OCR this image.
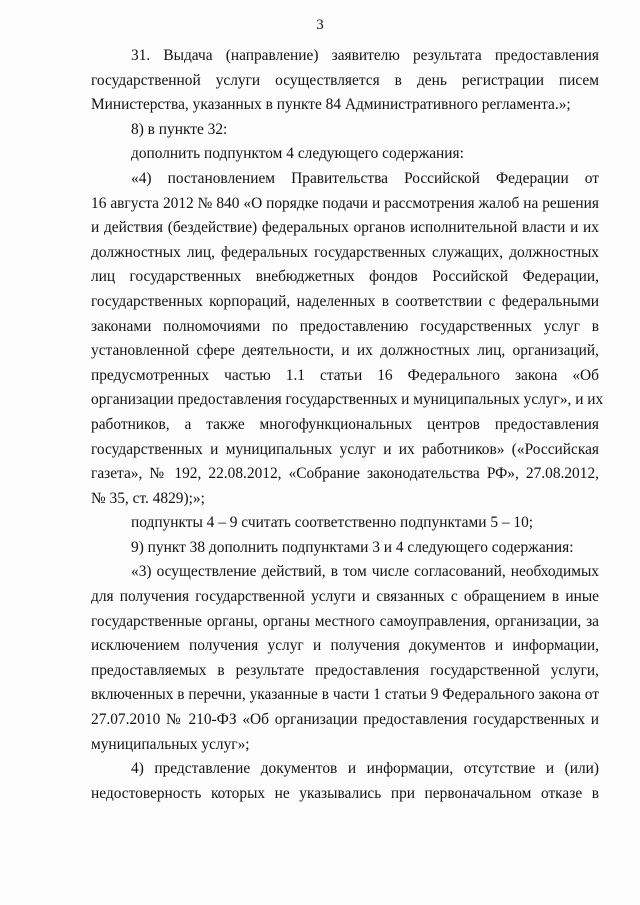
3
31. Выдача (направление) заявителю результата предоставления
государственной услуги осуществляется в день регистрации писем
Министерства, указанных в пункте 84 Административного регламента.»;
8) в пункте 32:
дополнить подпунктом 4 следующего содержания:
«4) постановлением Правительства Российской Федерации от
16 августа 2012 № 840 «О порядке подачи и рассмотрения жалоб на решения
и действия (бездействие) федеральных органов исполнительной власти и их
должностных лиц, федеральных государственных служащих, должностных
лиц государственных внебюджетных фондов Российской Федерации,
государственных корпораций, наделенных в соответствии с федеральными
законами полномочиями по предоставлению государственных услуг в
установленной сфере деятельности, и их должностных лиц, организаций,
предусмотренных частью 1.1 статьи 16 Федерального закона «Об
организации предоставления государственных и муниципальных услуг», и их
работников, а также многофункциональных центров предоставления
государственных и муниципальных услуг и их работников» («Российская
газета», № 192, 22.08.2012, «Собрание законодательства РФ», 27.08.2012,
№ 35, ст. 4829);»;
подпункты 4 – 9 считать соответственно подпунктами 5 – 10;
9) пункт 38 дополнить подпунктами 3 и 4 следующего содержания:
«3) осуществление действий, в том числе согласований, необходимых
для получения государственной услуги и связанных с обращением в иные
государственные органы, органы местного самоуправления, организации, за
исключением получения услуг и получения документов и информации,
предоставляемых в результате предоставления государственной услуги,
включенных в перечни, указанные в части 1 статьи 9 Федерального закона от
27.07.2010 № 210-ФЗ «Об организации предоставления государственных и
муниципальных услуг»;
4) представление документов и информации, отсутствие и (или)
недостоверность которых не указывались при первоначальном отказе в
